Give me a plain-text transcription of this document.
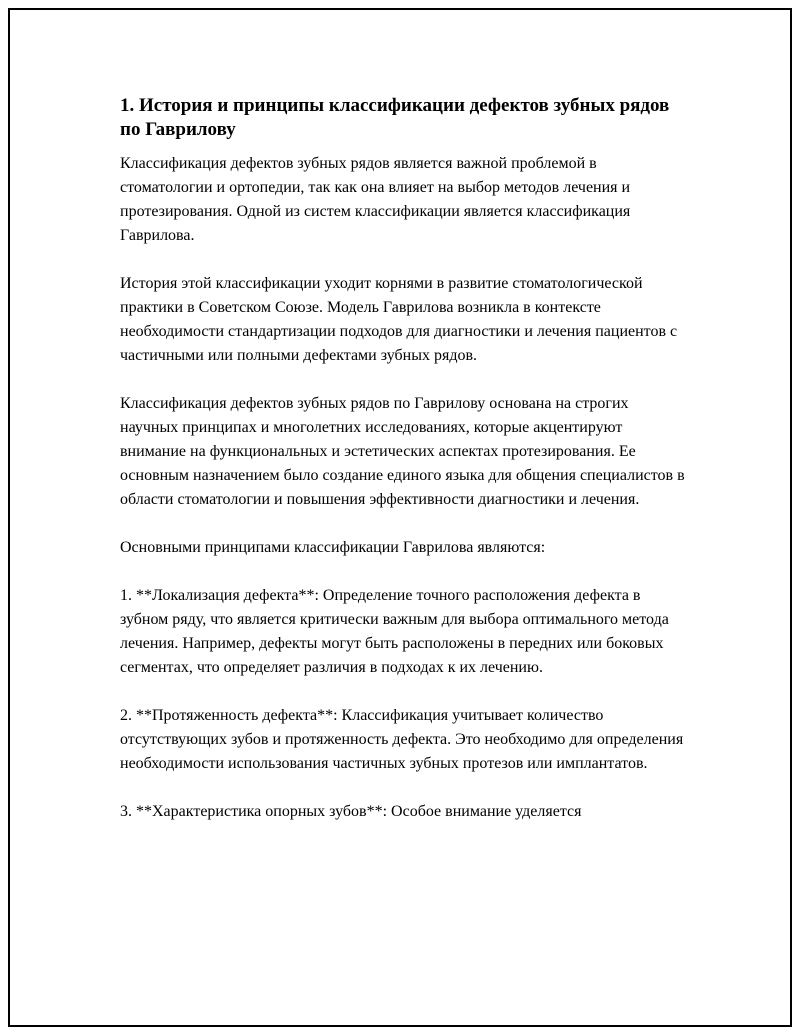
1. История и принципы классификации дефектов зубных рядов по Гаврилову

Классификация дефектов зубных рядов является важной проблемой в стоматологии и ортопедии, так как она влияет на выбор методов лечения и протезирования. Одной из систем классификации является классификация Гаврилова.

История этой классификации уходит корнями в развитие стоматологической практики в Советском Союзе. Модель Гаврилова возникла в контексте необходимости стандартизации подходов для диагностики и лечения пациентов с частичными или полными дефектами зубных рядов.

Классификация дефектов зубных рядов по Гаврилову основана на строгих научных принципах и многолетних исследованиях, которые акцентируют внимание на функциональных и эстетических аспектах протезирования. Ее основным назначением было создание единого языка для общения специалистов в области стоматологии и повышения эффективности диагностики и лечения.

Основными принципами классификации Гаврилова являются:

1. **Локализация дефекта**: Определение точного расположения дефекта в зубном ряду, что является критически важным для выбора оптимального метода лечения. Например, дефекты могут быть расположены в передних или боковых сегментах, что определяет различия в подходах к их лечению.

2. **Протяженность дефекта**: Классификация учитывает количество отсутствующих зубов и протяженность дефекта. Это необходимо для определения необходимости использования частичных зубных протезов или имплантатов.

3. **Характеристика опорных зубов**: Особое внимание уделяется
